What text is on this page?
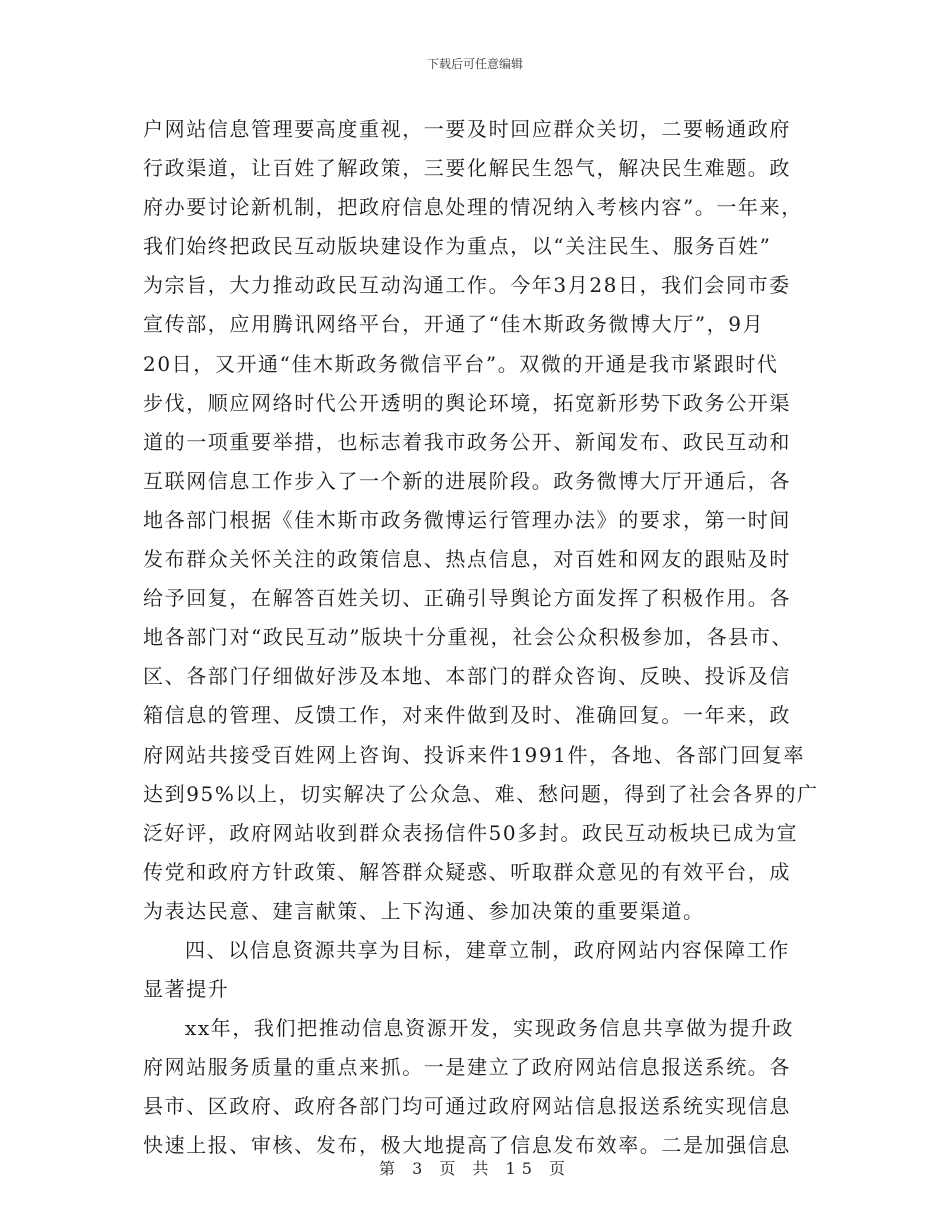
下载后可任意编辑
户网站信息管理要高度重视，一要及时回应群众关切，二要畅通政府
行政渠道，让百姓了解政策，三要化解民生怨气，解决民生难题。政
府办要讨论新机制，把政府信息处理的情况纳入考核内容”。一年来，
我们始终把政民互动版块建设作为重点，以“关注民生、服务百姓”
为宗旨，大力推动政民互动沟通工作。今年3月28日，我们会同市委
宣传部，应用腾讯网络平台，开通了“佳木斯政务微博大厅”，9月
20日，又开通“佳木斯政务微信平台”。双微的开通是我市紧跟时代
步伐，顺应网络时代公开透明的舆论环境，拓宽新形势下政务公开渠
道的一项重要举措，也标志着我市政务公开、新闻发布、政民互动和
互联网信息工作步入了一个新的进展阶段。政务微博大厅开通后，各
地各部门根据《佳木斯市政务微博运行管理办法》的要求，第一时间
发布群众关怀关注的政策信息、热点信息，对百姓和网友的跟贴及时
给予回复，在解答百姓关切、正确引导舆论方面发挥了积极作用。各
地各部门对“政民互动”版块十分重视，社会公众积极参加，各县市、
区、各部门仔细做好涉及本地、本部门的群众咨询、反映、投诉及信
箱信息的管理、反馈工作，对来件做到及时、准确回复。一年来，政
府网站共接受百姓网上咨询、投诉来件1991件，各地、各部门回复率
达到95%以上，切实解决了公众急、难、愁问题，得到了社会各界的广
泛好评，政府网站收到群众表扬信件50多封。政民互动板块已成为宣
传党和政府方针政策、解答群众疑惑、听取群众意见的有效平台，成
为表达民意、建言献策、上下沟通、参加决策的重要渠道。
四、以信息资源共享为目标，建章立制，政府网站内容保障工作
显著提升
xx年，我们把推动信息资源开发，实现政务信息共享做为提升政
府网站服务质量的重点来抓。一是建立了政府网站信息报送系统。各
县市、区政府、政府各部门均可通过政府网站信息报送系统实现信息
快速上报、审核、发布，极大地提高了信息发布效率。二是加强信息
第 3 页 共 15 页
